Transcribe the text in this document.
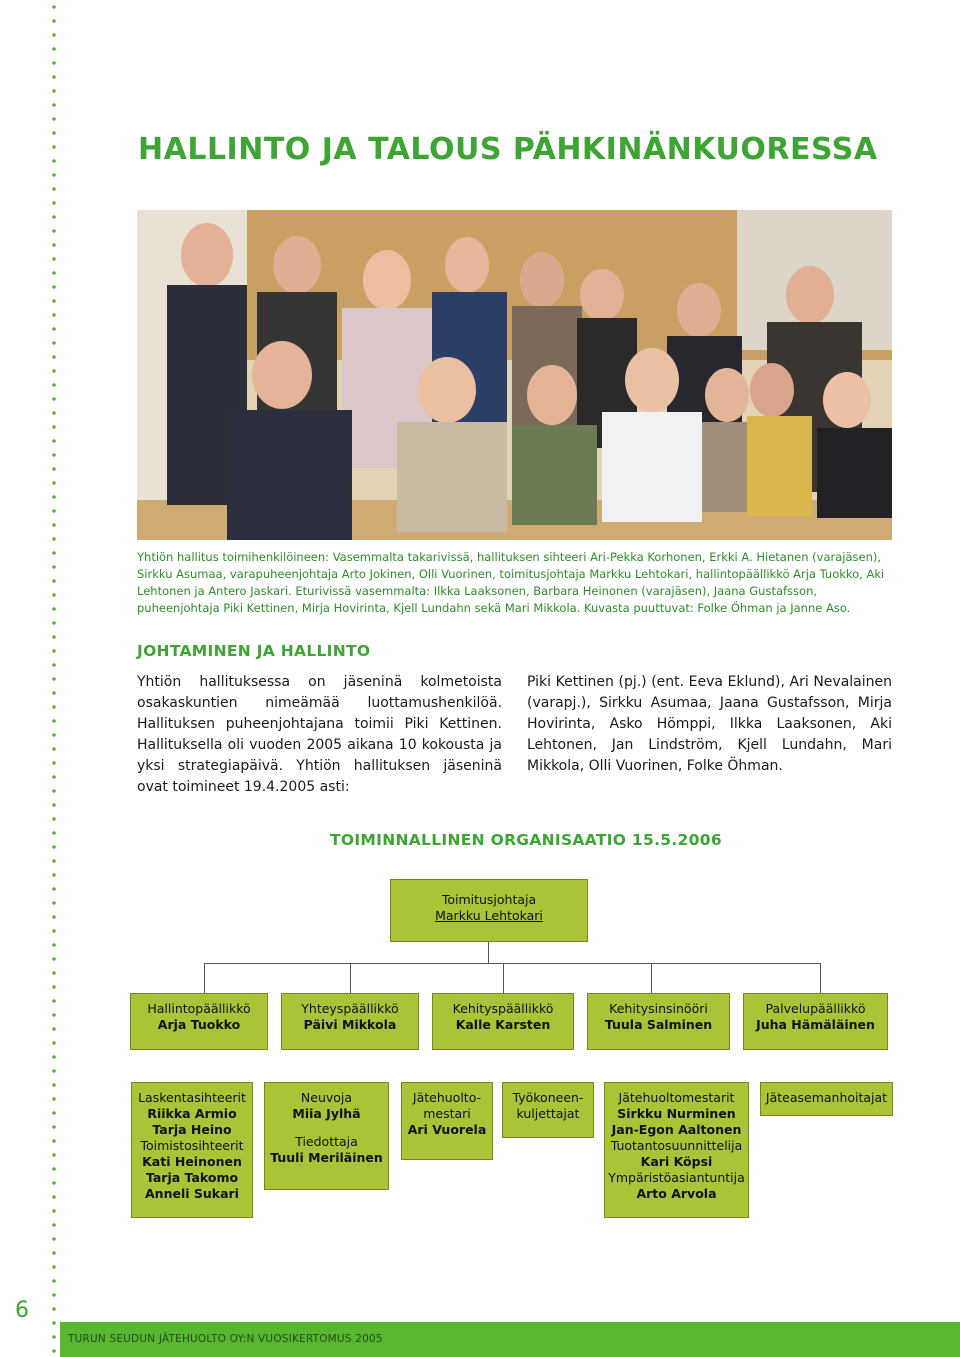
HALLINTO JA TALOUS PÄHKINÄNKUORESSA

Yhtiön hallitus toimihenkilöineen: Vasemmalta takarivissä, hallituksen sihteeri Ari-Pekka Korhonen, Erkki A. Hietanen (varajäsen), Sirkku Asumaa, varapuheenjohtaja Arto Jokinen, Olli Vuorinen, toimitusjohtaja Markku Lehtokari, hallintopäällikkö Arja Tuokko, Aki Lehtonen ja Antero Jaskari. Eturivissä vasemmalta: Ilkka Laaksonen, Barbara Heinonen (varajäsen), Jaana Gustafsson, puheenjohtaja Piki Kettinen, Mirja Hovirinta, Kjell Lundahn sekä Mari Mikkola. Kuvasta puuttuvat: Folke Öhman ja Janne Aso.

JOHTAMINEN JA HALLINTO

Yhtiön hallituksessa on jäseninä kolmetoista osakaskuntien nimeämää luottamushenkilöä. Hallituksen puheenjohtajana toimii Piki Kettinen. Hallituksella oli vuoden 2005 aikana 10 kokousta ja yksi strategiapäivä. Yhtiön hallituksen jäseninä ovat toimineet 19.4.2005 asti:

Piki Kettinen (pj.) (ent. Eeva Eklund), Ari Nevalainen (varapj.), Sirkku Asumaa, Jaana Gustafsson, Mirja Hovirinta, Asko Hömppi, Ilkka Laaksonen, Aki Lehtonen, Jan Lindström, Kjell Lundahn, Mari Mikkola, Olli Vuorinen, Folke Öhman.

TOIMINNALLINEN ORGANISAATIO 15.5.2006
Toimitusjohtaja
Markku Lehtokari
Hallintopäällikkö
Arja Tuokko
Yhteyspäällikkö
Päivi Mikkola
Kehityspäällikkö
Kalle Karsten
Kehitysinsinööri
Tuula Salminen
Palvelupäällikkö
Juha Hämäläinen
Laskentasihteerit
Riikka Armio
Tarja Heino
Toimistosihteerit
Kati Heinonen
Tarja Takomo
Anneli Sukari
Neuvoja
Miia Jylhä
Tiedottaja
Tuuli Meriläinen
Jätehuolto-
mestari
Ari Vuorela
Työkoneen-
kuljettajat
Jätehuoltomestarit
Sirkku Nurminen
Jan-Egon Aaltonen
Tuotantosuunnittelija
Kari Köpsi
Ympäristöasiantuntija
Arto Arvola
Jäteasemanhoitajat
6
TURUN SEUDUN JÄTEHUOLTO OY:N VUOSIKERTOMUS 2005
